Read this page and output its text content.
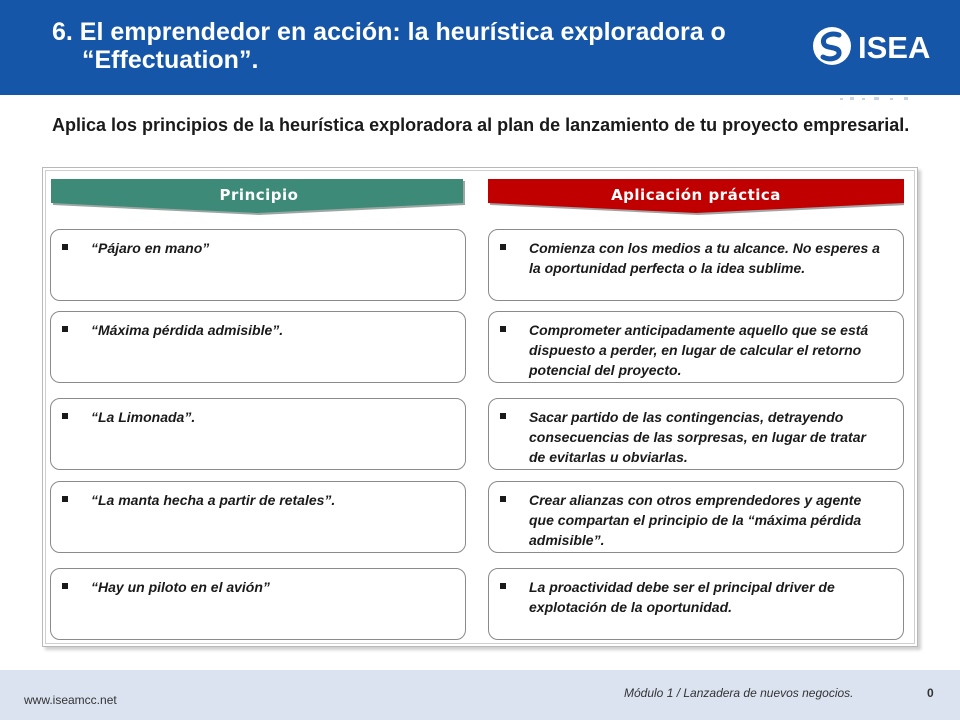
6. El emprendedor en acción: la heurística exploradora o
“Effectuation”.	ISEA
Aplica los principios de la heurística exploradora al plan de lanzamiento de tu proyecto empresarial.
Principio	Aplicación práctica
“Pájaro en mano”	Comienza con los medios a tu alcance. No esperes a la oportunidad perfecta o la idea sublime.
“Máxima pérdida admisible”.	Comprometer anticipadamente aquello que se está dispuesto a perder, en lugar de calcular el retorno potencial del proyecto.
“La Limonada”.	Sacar partido de las contingencias, detrayendo consecuencias de las sorpresas, en lugar de tratar de evitarlas u obviarlas.
“La manta hecha a partir de retales”.	Crear alianzas con otros emprendedores y agente que compartan el principio de la “máxima pérdida admisible”.
“Hay un piloto en el avión”	La proactividad debe ser el principal driver de explotación de la oportunidad.
www.iseamcc.net	Módulo 1 / Lanzadera de nuevos negocios.	0
